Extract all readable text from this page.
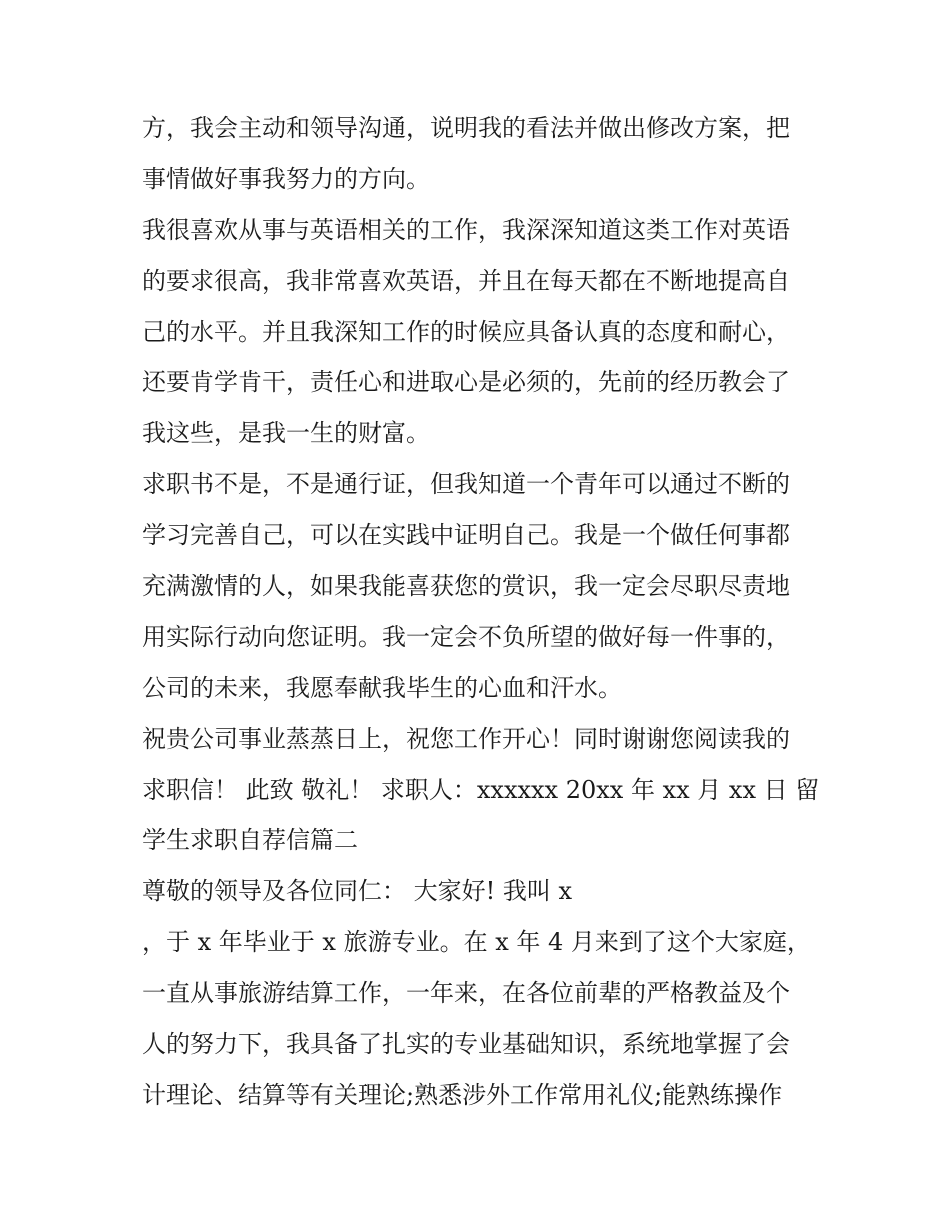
方，我会主动和领导沟通，说明我的看法并做出修改方案，把
事情做好事我努力的方向。
我很喜欢从事与英语相关的工作，我深深知道这类工作对英语
的要求很高，我非常喜欢英语，并且在每天都在不断地提高自
己的水平。并且我深知工作的时候应具备认真的态度和耐心，
还要肯学肯干，责任心和进取心是必须的，先前的经历教会了
我这些，是我一生的财富。
求职书不是，不是通行证，但我知道一个青年可以通过不断的
学习完善自己，可以在实践中证明自己。我是一个做任何事都
充满激情的人，如果我能喜获您的赏识，我一定会尽职尽责地
用实际行动向您证明。我一定会不负所望的做好每一件事的，
公司的未来，我愿奉献我毕生的心血和汗水。
祝贵公司事业蒸蒸日上，祝您工作开心！同时谢谢您阅读我的
求职信！ 此致 敬礼！ 求职人：xxxxxx 20xx 年 xx 月 xx 日 留
学生求职自荐信篇二
尊敬的领导及各位同仁： 大家好! 我叫 x
，于 x 年毕业于 x 旅游专业。在 x 年 4 月来到了这个大家庭，
一直从事旅游结算工作，一年来，在各位前辈的严格教益及个
人的努力下，我具备了扎实的专业基础知识，系统地掌握了会
计理论、结算等有关理论;熟悉涉外工作常用礼仪;能熟练操作
